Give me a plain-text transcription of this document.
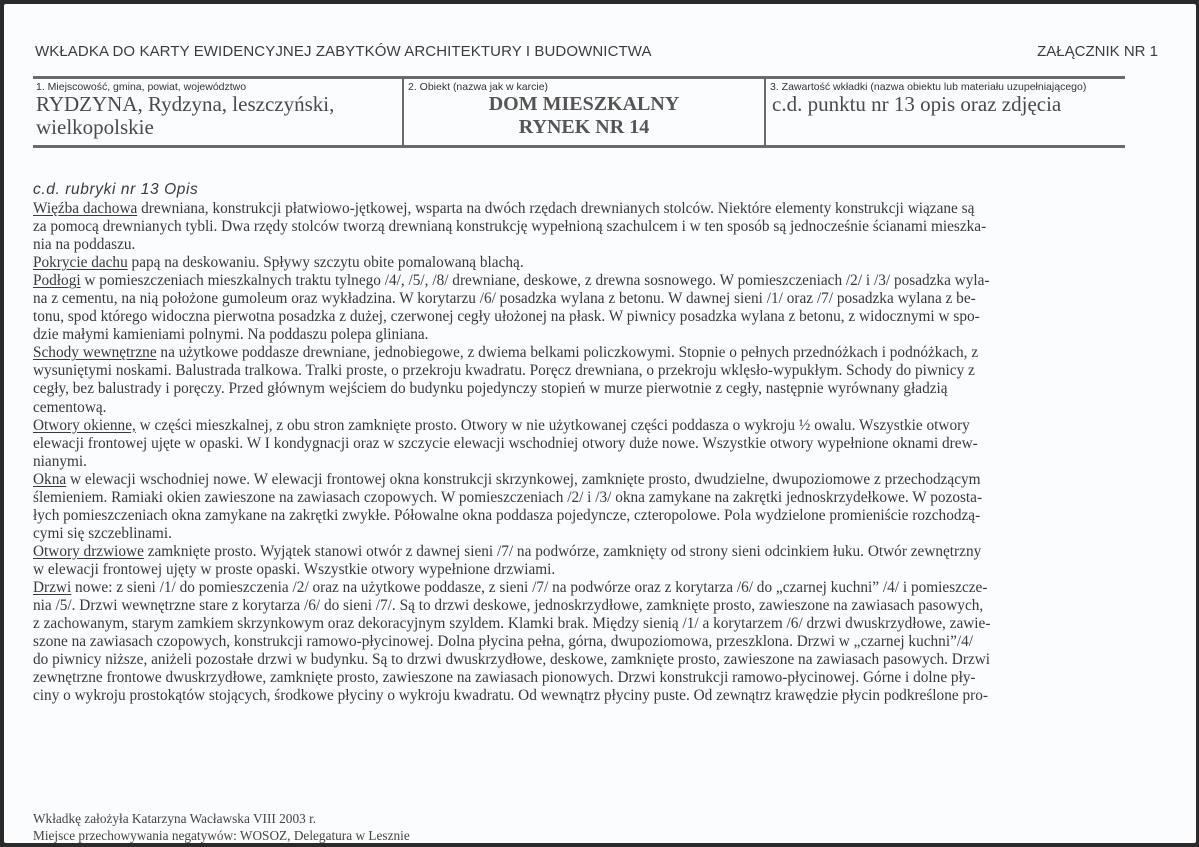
WKŁADKA DO KARTY EWIDENCYJNEJ ZABYTKÓW ARCHITEKTURY I BUDOWNICTWA	ZAŁĄCZNIK NR 1
1. Miejscowość, gmina, powiat, województwo
RYDZYNA, Rydzyna, leszczyński,
wielkopolskie
2. Obiekt (nazwa jak w karcie)
DOM MIESZKALNY
RYNEK NR 14
3. Zawartość wkładki (nazwa obiektu lub materiału uzupełniającego)
c.d. punktu nr 13 opis oraz zdjęcia
c.d. rubryki nr 13 Opis
Więźba dachowa drewniana, konstrukcji płatwiowo-jętkowej, wsparta na dwóch rzędach drewnianych stolców. Niektóre elementy konstrukcji wiązane są
za pomocą drewnianych tybli. Dwa rzędy stolców tworzą drewnianą konstrukcję wypełnioną szachulcem i w ten sposób są jednocześnie ścianami mieszka-
nia na poddaszu.
Pokrycie dachu papą na deskowaniu. Spływy szczytu obite pomalowaną blachą.
Podłogi w pomieszczeniach mieszkalnych traktu tylnego /4/, /5/, /8/ drewniane, deskowe, z drewna sosnowego. W pomieszczeniach /2/ i /3/ posadzka wyla-
na z cementu, na nią położone gumoleum oraz wykładzina. W korytarzu /6/ posadzka wylana z betonu. W dawnej sieni /1/ oraz /7/ posadzka wylana z be-
tonu, spod którego widoczna pierwotna posadzka z dużej, czerwonej cegły ułożonej na płask. W piwnicy posadzka wylana z betonu, z widocznymi w spo-
dzie małymi kamieniami polnymi. Na poddaszu polepa gliniana.
Schody wewnętrzne na użytkowe poddasze drewniane, jednobiegowe, z dwiema belkami policzkowymi. Stopnie o pełnych przednóżkach i podnóżkach, z
wysuniętymi noskami. Balustrada tralkowa. Tralki proste, o przekroju kwadratu. Poręcz drewniana, o przekroju wklęsło-wypukłym. Schody do piwnicy z
cegły, bez balustrady i poręczy. Przed głównym wejściem do budynku pojedynczy stopień w murze pierwotnie z cegły, następnie wyrównany gładzią
cementową.
Otwory okienne, w części mieszkalnej, z obu stron zamknięte prosto. Otwory w nie użytkowanej części poddasza o wykroju ½ owalu. Wszystkie otwory
elewacji frontowej ujęte w opaski. W I kondygnacji oraz w szczycie elewacji wschodniej otwory duże nowe. Wszystkie otwory wypełnione oknami drew-
nianymi.
Okna w elewacji wschodniej nowe. W elewacji frontowej okna konstrukcji skrzynkowej, zamknięte prosto, dwudzielne, dwupoziomowe z przechodzącym
ślemieniem. Ramiaki okien zawieszone na zawiasach czopowych. W pomieszczeniach /2/ i /3/ okna zamykane na zakrętki jednoskrzydełkowe. W pozosta-
łych pomieszczeniach okna zamykane na zakrętki zwykłe. Półowalne okna poddasza pojedyncze, czteropolowe. Pola wydzielone promieniście rozchodzą-
cymi się szczeblinami.
Otwory drzwiowe zamknięte prosto. Wyjątek stanowi otwór z dawnej sieni /7/ na podwórze, zamknięty od strony sieni odcinkiem łuku. Otwór zewnętrzny
w elewacji frontowej ujęty w proste opaski. Wszystkie otwory wypełnione drzwiami.
Drzwi nowe: z sieni /1/ do pomieszczenia /2/ oraz na użytkowe poddasze, z sieni /7/ na podwórze oraz z korytarza /6/ do „czarnej kuchni” /4/ i pomieszcze-
nia /5/. Drzwi wewnętrzne stare z korytarza /6/ do sieni /7/. Są to drzwi deskowe, jednoskrzydłowe, zamknięte prosto, zawieszone na zawiasach pasowych,
z zachowanym, starym zamkiem skrzynkowym oraz dekoracyjnym szyldem. Klamki brak. Między sienią /1/ a korytarzem /6/ drzwi dwuskrzydłowe, zawie-
szone na zawiasach czopowych, konstrukcji ramowo-płycinowej. Dolna płycina pełna, górna, dwupoziomowa, przeszklona. Drzwi w „czarnej kuchni”/4/
do piwnicy niższe, aniżeli pozostałe drzwi w budynku. Są to drzwi dwuskrzydłowe, deskowe, zamknięte prosto, zawieszone na zawiasach pasowych. Drzwi
zewnętrzne frontowe dwuskrzydłowe, zamknięte prosto, zawieszone na zawiasach pionowych. Drzwi konstrukcji ramowo-płycinowej. Górne i dolne pły-
ciny o wykroju prostokątów stojących, środkowe płyciny o wykroju kwadratu. Od wewnątrz płyciny puste. Od zewnątrz krawędzie płycin podkreślone pro-
Wkładkę założyła Katarzyna Wacławska VIII 2003 r.
Miejsce przechowywania negatywów: WOSOZ, Delegatura w Lesznie
